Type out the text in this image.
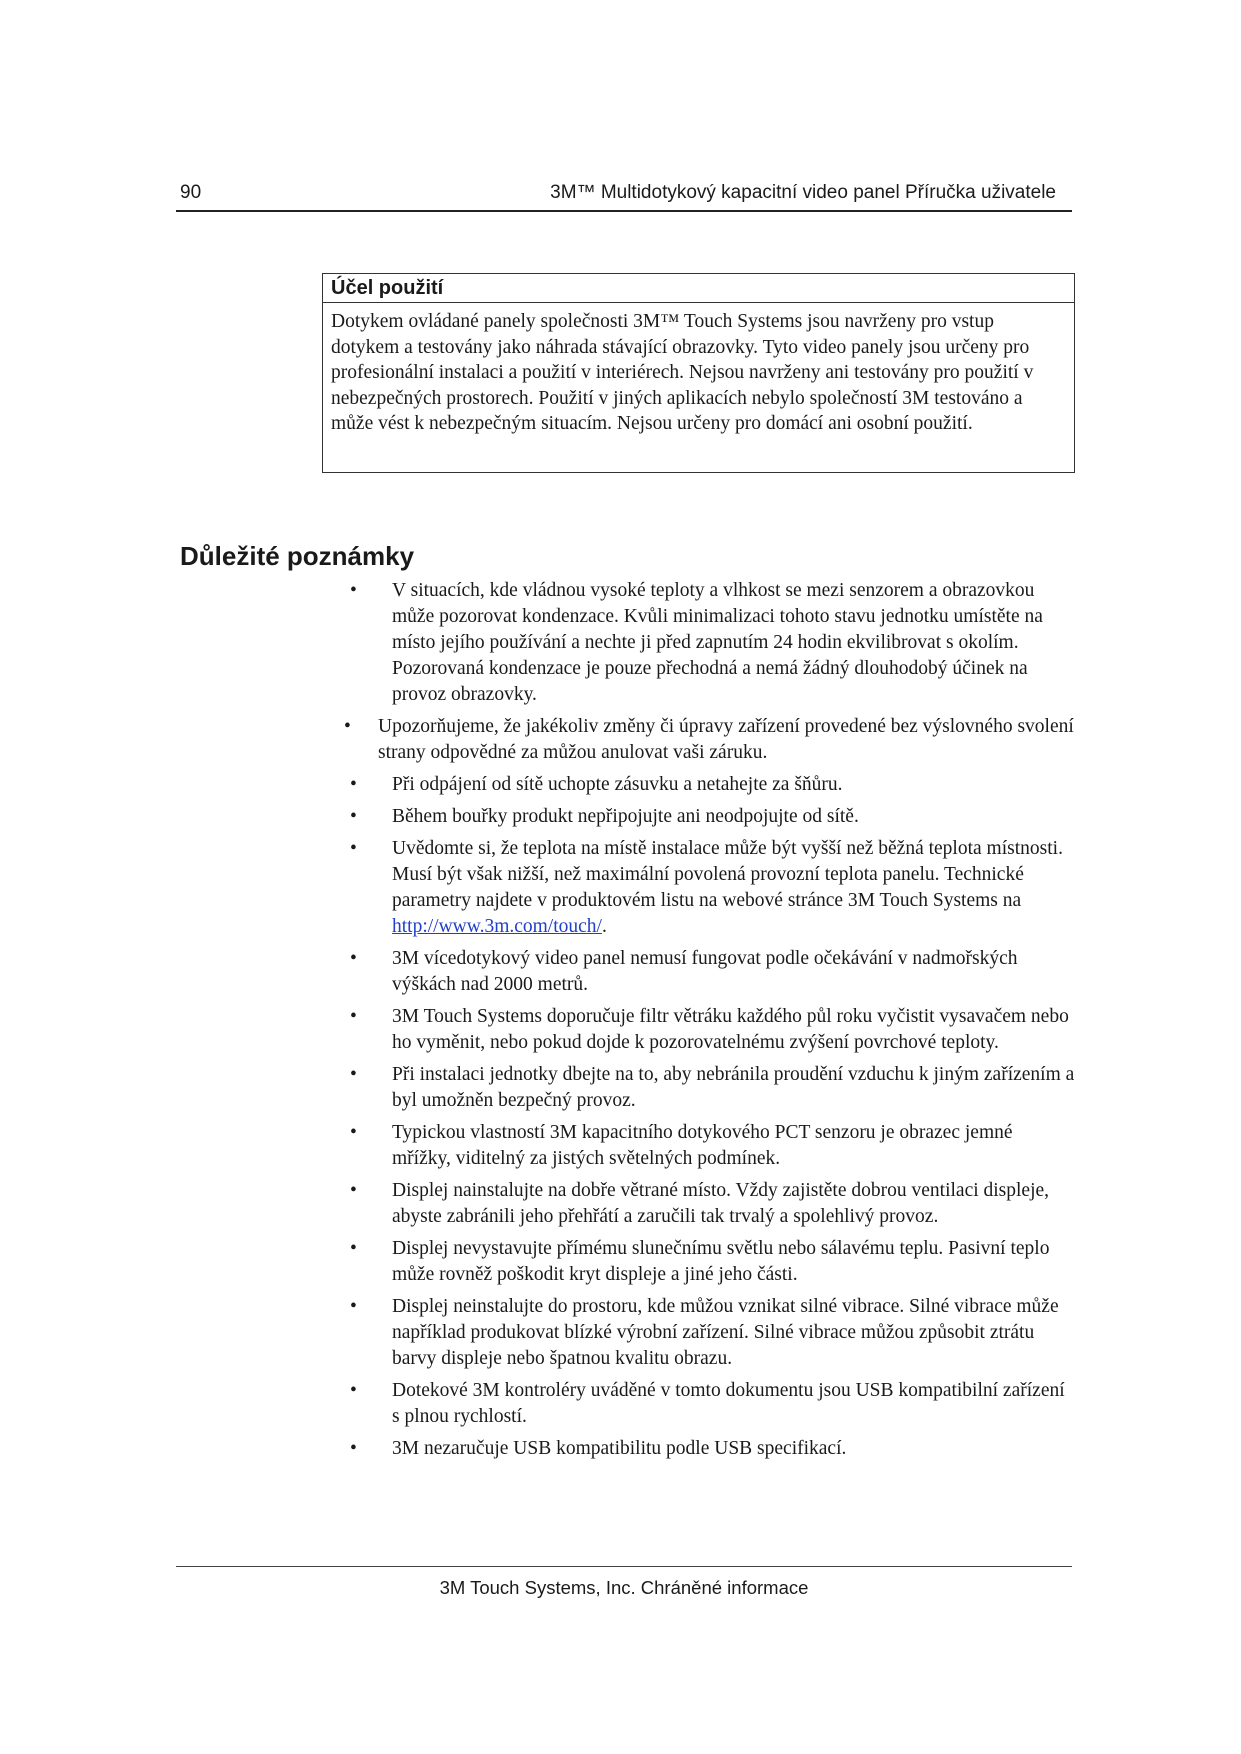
90	3M™ Multidotykový kapacitní video panel Příručka uživatele
Účel použití
Dotykem ovládané panely společnosti 3M™ Touch Systems jsou navrženy pro vstup dotykem a testovány jako náhrada stávající obrazovky. Tyto video panely jsou určeny pro profesionální instalaci a použití v interiérech. Nejsou navrženy ani testovány pro použití v nebezpečných prostorech. Použití v jiných aplikacích nebylo společností 3M testováno a může vést k nebezpečným situacím. Nejsou určeny pro domácí ani osobní použití.
Důležité poznámky
• V situacích, kde vládnou vysoké teploty a vlhkost se mezi senzorem a obrazovkou může pozorovat kondenzace. Kvůli minimalizaci tohoto stavu jednotku umístěte na místo jejího používání a nechte ji před zapnutím 24 hodin ekvilibrovat s okolím. Pozorovaná kondenzace je pouze přechodná a nemá žádný dlouhodobý účinek na provoz obrazovky.
• Upozorňujeme, že jakékoliv změny či úpravy zařízení provedené bez výslovného svolení strany odpovědné za můžou anulovat vaši záruku.
• Při odpájení od sítě uchopte zásuvku a netahejte za šňůru.
• Během bouřky produkt nepřipojujte ani neodpojujte od sítě.
• Uvědomte si, že teplota na místě instalace může být vyšší než běžná teplota místnosti. Musí být však nižší, než maximální povolená provozní teplota panelu. Technické parametry najdete v produktovém listu na webové stránce 3M Touch Systems na http://www.3m.com/touch/.
• 3M vícedotykový video panel nemusí fungovat podle očekávání v nadmořských výškách nad 2000 metrů.
• 3M Touch Systems doporučuje filtr větráku každého půl roku vyčistit vysavačem nebo ho vyměnit, nebo pokud dojde k pozorovatelnému zvýšení povrchové teploty.
• Při instalaci jednotky dbejte na to, aby nebránila proudění vzduchu k jiným zařízením a byl umožněn bezpečný provoz.
• Typickou vlastností 3M kapacitního dotykového PCT senzoru je obrazec jemné mřížky, viditelný za jistých světelných podmínek.
• Displej nainstalujte na dobře větrané místo. Vždy zajistěte dobrou ventilaci displeje, abyste zabránili jeho přehřátí a zaručili tak trvalý a spolehlivý provoz.
• Displej nevystavujte přímému slunečnímu světlu nebo sálavému teplu. Pasivní teplo může rovněž poškodit kryt displeje a jiné jeho části.
• Displej neinstalujte do prostoru, kde můžou vznikat silné vibrace. Silné vibrace může například produkovat blízké výrobní zařízení. Silné vibrace můžou způsobit ztrátu barvy displeje nebo špatnou kvalitu obrazu.
• Dotekové 3M kontroléry uváděné v tomto dokumentu jsou USB kompatibilní zařízení s plnou rychlostí.
• 3M nezaručuje USB kompatibilitu podle USB specifikací.
3M Touch Systems, Inc. Chráněné informace
